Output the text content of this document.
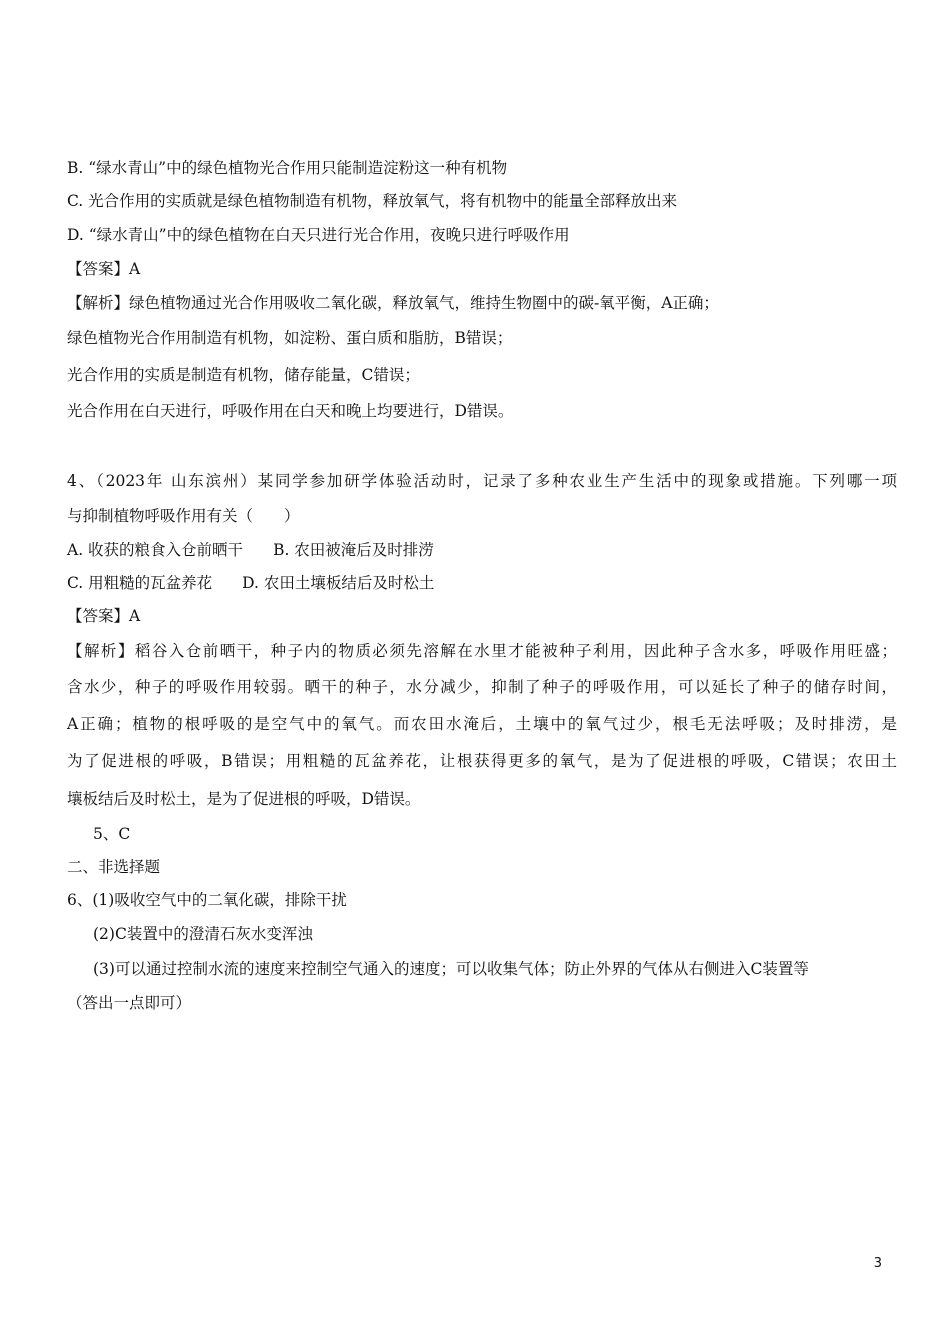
B. “绿水青山”中的绿色植物光合作用只能制造淀粉这一种有机物
C. 光合作用的实质就是绿色植物制造有机物，释放氧气，将有机物中的能量全部释放出来
D. “绿水青山”中的绿色植物在白天只进行光合作用，夜晚只进行呼吸作用
【答案】A
【解析】绿色植物通过光合作用吸收二氧化碳，释放氧气，维持生物圈中的碳-氧平衡，A正确；
绿色植物光合作用制造有机物，如淀粉、蛋白质和脂肪，B错误；
光合作用的实质是制造有机物，储存能量，C错误；
光合作用在白天进行，呼吸作用在白天和晚上均要进行，D错误。
4、（2023年 山东滨州）某同学参加研学体验活动时，记录了多种农业生产生活中的现象或措施。下列哪一项
与抑制植物呼吸作用有关（　　）
A. 收获的粮食入仓前晒干 B. 农田被淹后及时排涝
C. 用粗糙的瓦盆养花 D. 农田土壤板结后及时松土
【答案】A
【解析】稻谷入仓前晒干，种子内的物质必须先溶解在水里才能被种子利用，因此种子含水多，呼吸作用旺盛；
含水少，种子的呼吸作用较弱。晒干的种子，水分减少，抑制了种子的呼吸作用，可以延长了种子的储存时间，
A正确；植物的根呼吸的是空气中的氧气。而农田水淹后，土壤中的氧气过少，根毛无法呼吸；及时排涝，是
为了促进根的呼吸，B错误；用粗糙的瓦盆养花，让根获得更多的氧气，是为了促进根的呼吸，C错误；农田土
壤板结后及时松土，是为了促进根的呼吸，D错误。
5、C
二、非选择题
6、(1)吸收空气中的二氧化碳，排除干扰
(2)C装置中的澄清石灰水变浑浊
(3)可以通过控制水流的速度来控制空气通入的速度；可以收集气体；防止外界的气体从右侧进入C装置等
（答出一点即可）
3
